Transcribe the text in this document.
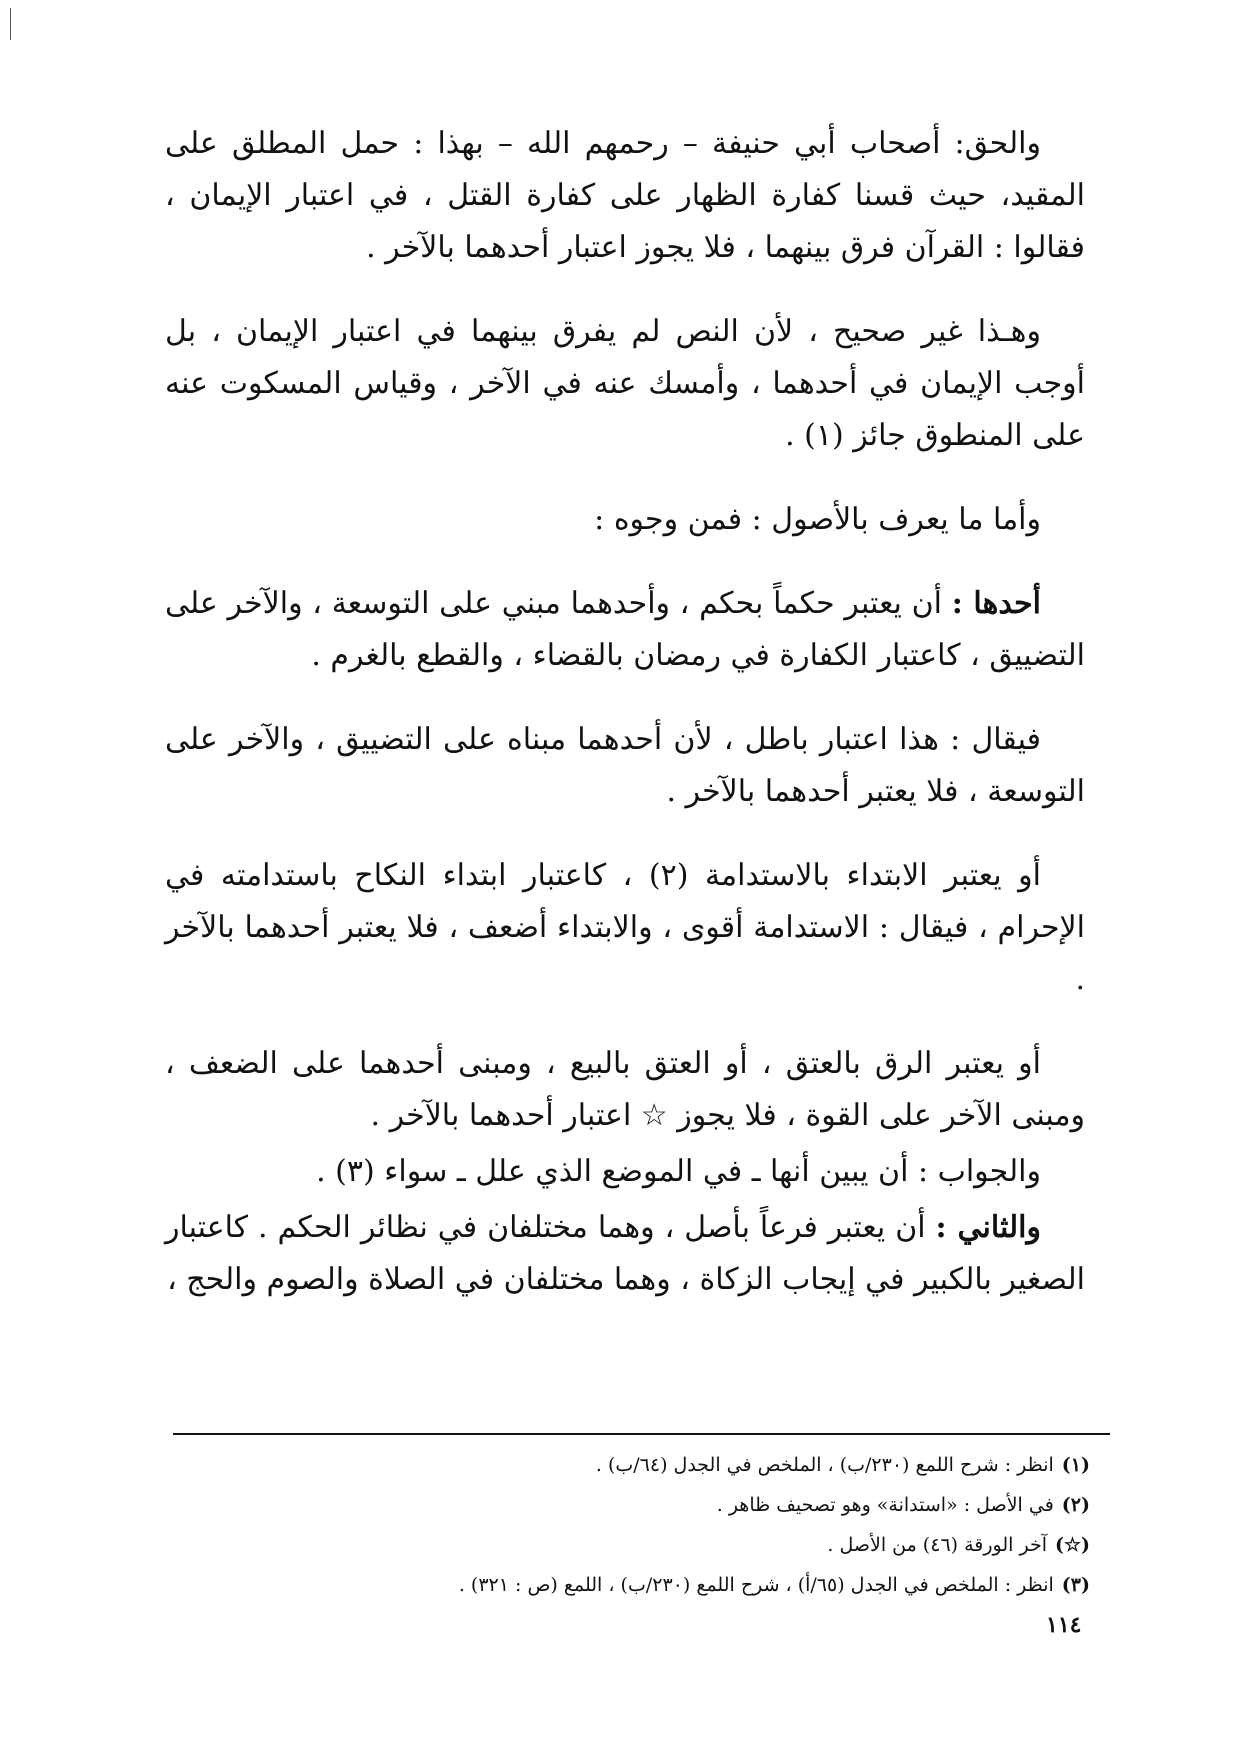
والحق: أصحاب أبي حنيفة – رحمهم الله – بهذا : حمل المطلق على المقيد، حيث قسنا كفارة الظهار على كفارة القتل ، في اعتبار الإيمان ، فقالوا : القرآن فرق بينهما ، فلا يجوز اعتبار أحدهما بالآخر .

وهـذا غير صحيح ، لأن النص لم يفرق بينهما في اعتبار الإيمان ، بل أوجب الإيمان في أحدهما ، وأمسك عنه في الآخر ، وقياس المسكوت عنه على المنطوق جائز (١) .

وأما ما يعرف بالأصول : فمن وجوه :

أحدها : أن يعتبر حكماً بحكم ، وأحدهما مبني على التوسعة ، والآخر على التضييق ، كاعتبار الكفارة في رمضان بالقضاء ، والقطع بالغرم .

فيقال : هذا اعتبار باطل ، لأن أحدهما مبناه على التضييق ، والآخر على التوسعة ، فلا يعتبر أحدهما بالآخر .

أو يعتبر الابتداء بالاستدامة (٢) ، كاعتبار ابتداء النكاح باستدامته في الإحرام ، فيقال : الاستدامة أقوى ، والابتداء أضعف ، فلا يعتبر أحدهما بالآخر .

أو يعتبر الرق بالعتق ، أو العتق بالبيع ، ومبنى أحدهما على الضعف ، ومبنى الآخر على القوة ، فلا يجوز ☆ اعتبار أحدهما بالآخر .

والجواب : أن يبين أنها ـ في الموضع الذي علل ـ سواء (٣) .

والثاني : أن يعتبر فرعاً بأصل ، وهما مختلفان في نظائر الحكم . كاعتبار الصغير بالكبير في إيجاب الزكاة ، وهما مختلفان في الصلاة والصوم والحج ،

(١)انظر : شرح اللمع (٢٣٠/ب) ، الملخص في الجدل (٦٤/ب) .

(٢)في الأصل : «استدانة» وهو تصحيف ظاهر .

(☆)آخر الورقة (٤٦) من الأصل .

(٣)انظر : الملخص في الجدل (٦٥/أ) ، شرح اللمع (٢٣٠/ب) ، اللمع (ص : ٣٢١) .

١١٤
